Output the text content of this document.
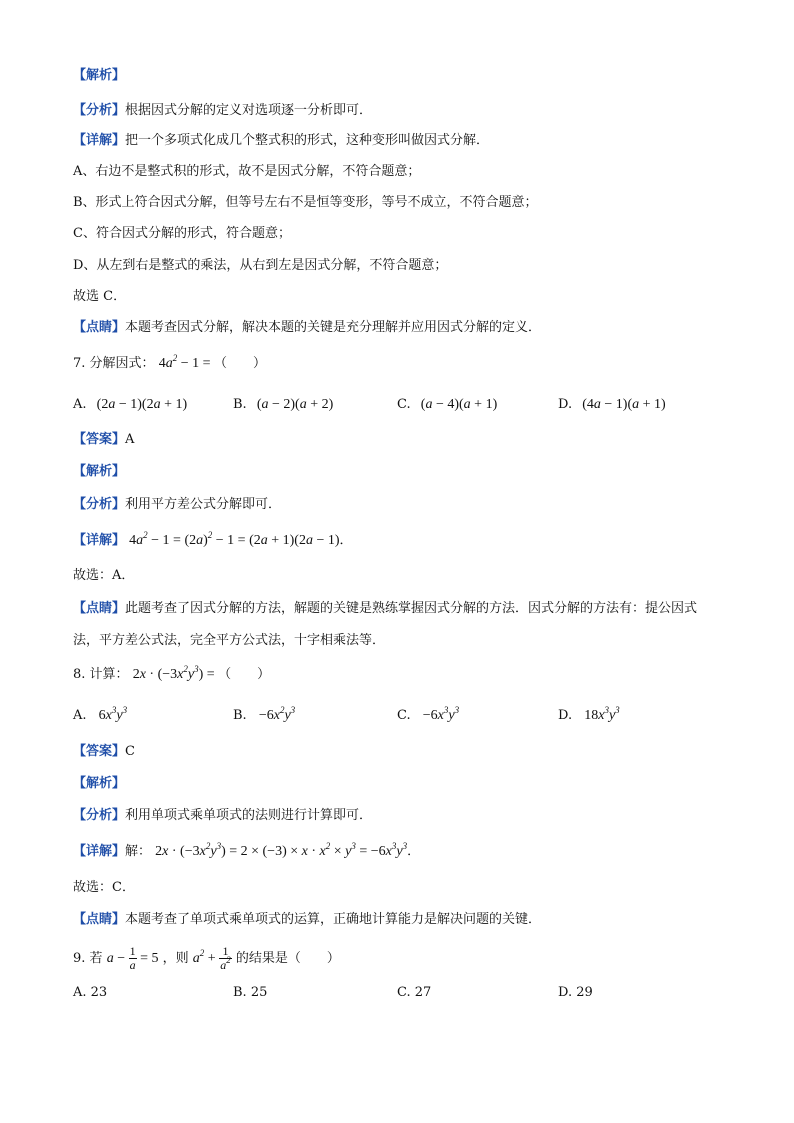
【解析】
【分析】根据因式分解的定义对选项逐一分析即可．
【详解】把一个多项式化成几个整式积的形式，这种变形叫做因式分解．
A、右边不是整式积的形式，故不是因式分解，不符合题意；
B、形式上符合因式分解，但等号左右不是恒等变形，等号不成立，不符合题意；
C、符合因式分解的形式，符合题意；
D、从左到右是整式的乘法，从右到左是因式分解，不符合题意；
故选 C．
【点睛】本题考查因式分解，解决本题的关键是充分理解并应用因式分解的定义．
7. 分解因式： $4a^2 - 1$ = （　　）
A. (2a − 1)(2a + 1)	B. (a − 2)(a + 2)	C. (a − 4)(a + 1)	D. (4a − 1)(a + 1)
【答案】A
【解析】
【分析】利用平方差公式分解即可．
【详解】 $4a^2 - 1 = (2a)^2 - 1 = (2a + 1)(2a - 1)$．
故选：A．
【点睛】此题考查了因式分解的方法，解题的关键是熟练掌握因式分解的方法．因式分解的方法有：提公因式法，平方差公式法，完全平方公式法，十字相乘法等．
8. 计算： $2x \cdot (-3x^2y^3)$ = （　　）
A. $6x^3y^3$	B. $-6x^2y^3$	C. $-6x^3y^3$	D. $18x^3y^3$
【答案】C
【解析】
【分析】利用单项式乘单项式的法则进行计算即可．
【详解】解： $2x \cdot (-3x^2y^3) = 2 \times (-3) \times x \cdot x^2 \times y^3 = -6x^3y^3$．
故选：C．
【点睛】本题考查了单项式乘单项式的运算，正确地计算能力是解决问题的关键．
9. 若 $a - \frac{1}{a} = 5$ ，则 $a^2 + \frac{1}{a^2}$ 的结果是（　　）
A. 23	B. 25	C. 27	D. 29
